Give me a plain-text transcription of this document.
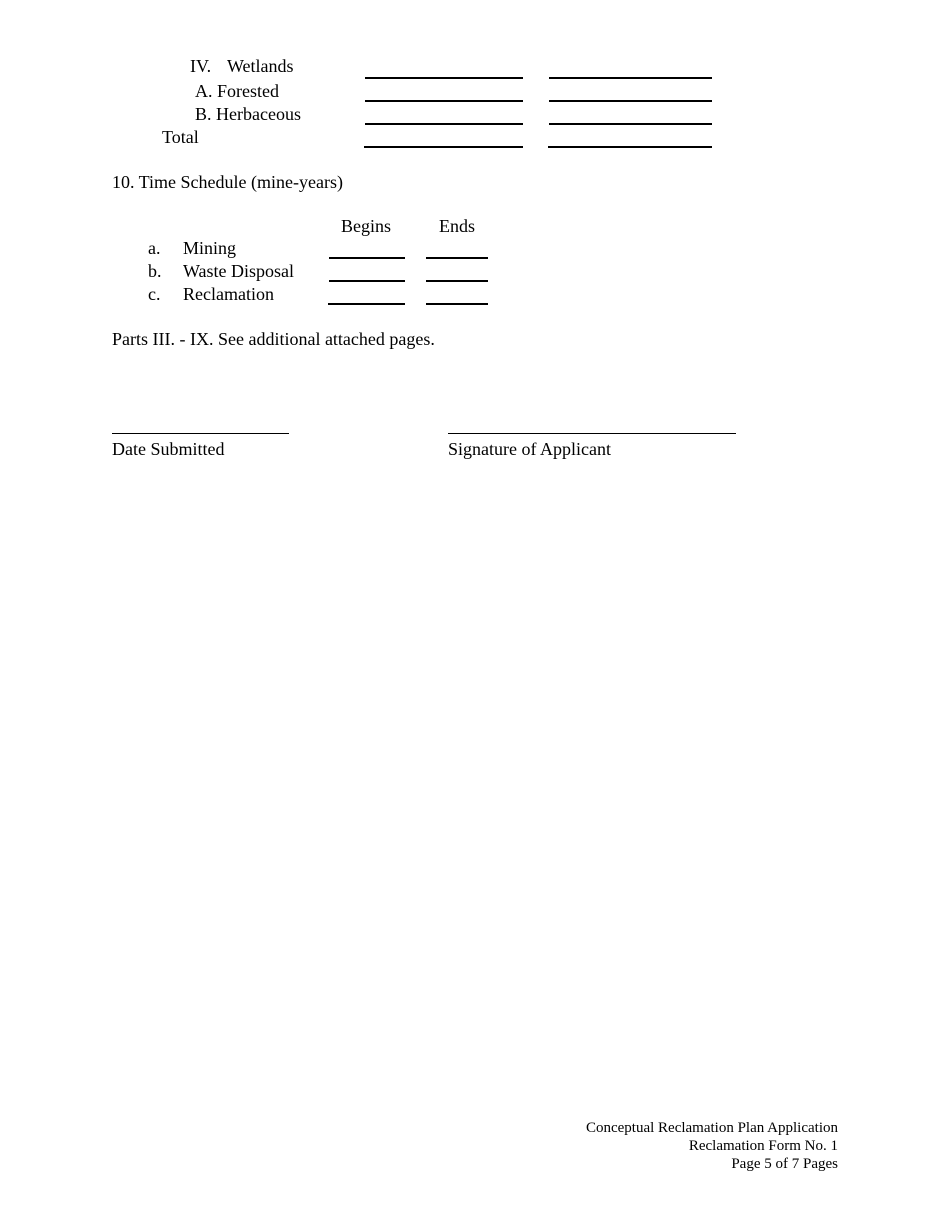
IV. Wetlands
A. Forested
B. Herbaceous
Total
10. Time Schedule (mine-years)
Begins	Ends
a. Mining
b. Waste Disposal
c. Reclamation
Parts III. - IX. See additional attached pages.
Date Submitted	Signature of Applicant
Conceptual Reclamation Plan Application
Reclamation Form No. 1
Page 5 of 7 Pages
